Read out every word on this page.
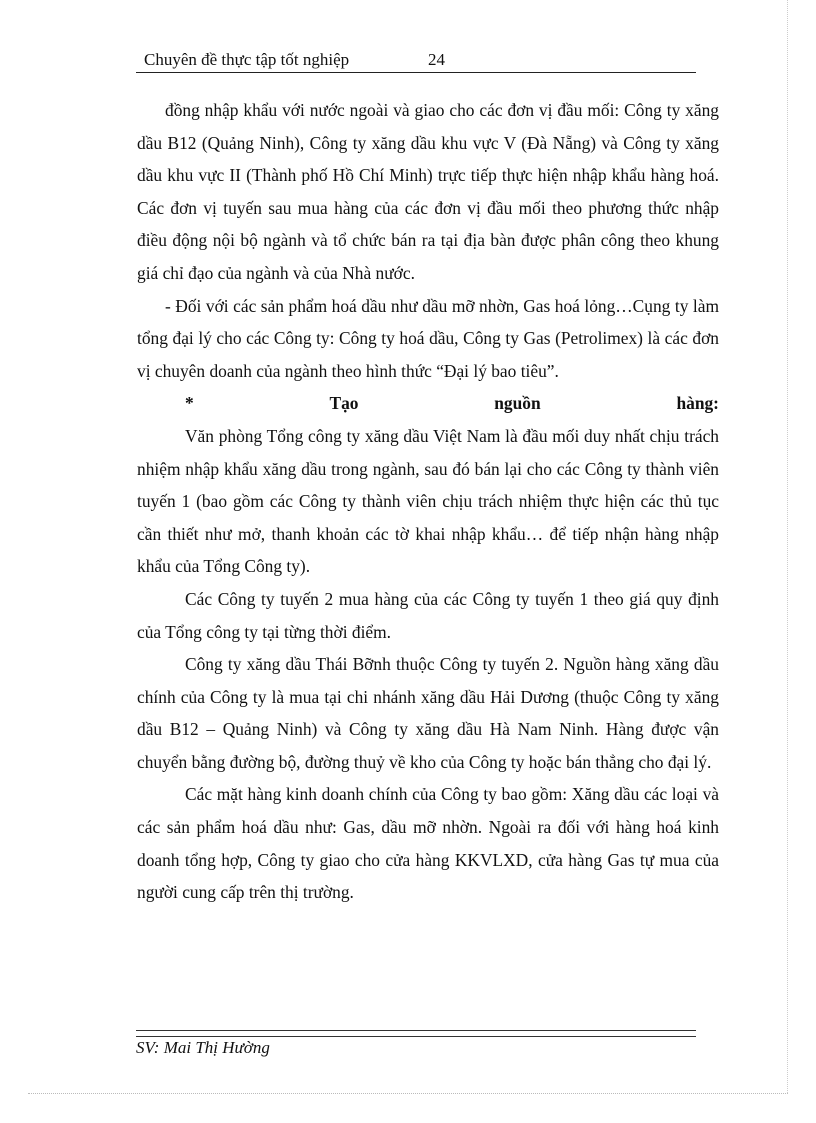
Chuyên đề thực tập tốt nghiệp	24

đồng nhập khẩu với nước ngoài và giao cho các đơn vị đầu mối: Công ty xăng dầu B12 (Quảng Ninh), Công ty xăng dầu khu vực V (Đà Nẵng) và Công ty xăng dầu khu vực II (Thành phố Hồ Chí Minh) trực tiếp thực hiện nhập khẩu hàng hoá. Các đơn vị tuyến sau mua hàng của các đơn vị đầu mối theo phương thức nhập điều động nội bộ ngành và tổ chức bán ra tại địa bàn được phân công theo khung giá chỉ đạo của ngành và của Nhà nước.

- Đối với các sản phẩm hoá dầu như dầu mỡ nhờn, Gas hoá lỏng…Cụng ty làm tổng đại lý cho các Công ty: Công ty hoá dầu, Công ty Gas (Petrolimex) là các đơn vị chuyên doanh của ngành theo hình thức “Đại lý bao tiêu”.

*	Tạo	nguồn	hàng:

Văn phòng Tổng công ty xăng dầu Việt Nam là đầu mối duy nhất chịu trách nhiệm nhập khẩu xăng dầu trong ngành, sau đó bán lại cho các Công ty thành viên tuyến 1 (bao gồm các Công ty thành viên chịu trách nhiệm thực hiện các thủ tục cần thiết như mở, thanh khoản các tờ khai nhập khẩu… để tiếp nhận hàng nhập khẩu của Tổng Công ty).

Các Công ty tuyến 2 mua hàng của các Công ty tuyến 1 theo giá quy định của Tổng công ty tại từng thời điểm.

Công ty xăng dầu Thái Bỡnh thuộc Công ty tuyến 2. Nguồn hàng xăng dầu chính của Công ty là mua tại chi nhánh xăng dầu Hải Dương (thuộc Công ty xăng dầu B12 – Quảng Ninh) và Công ty xăng dầu Hà Nam Ninh. Hàng được vận chuyển bằng đường bộ, đường thuỷ về kho của Công ty hoặc bán thẳng cho đại lý.

Các mặt hàng kinh doanh chính của Công ty bao gồm: Xăng dầu các loại và các sản phẩm hoá dầu như: Gas, dầu mỡ nhờn. Ngoài ra đối với hàng hoá kinh doanh tổng hợp, Công ty giao cho cửa hàng KKVLXD, cửa hàng Gas tự mua của người cung cấp trên thị trường.

SV: Mai Thị Hường
